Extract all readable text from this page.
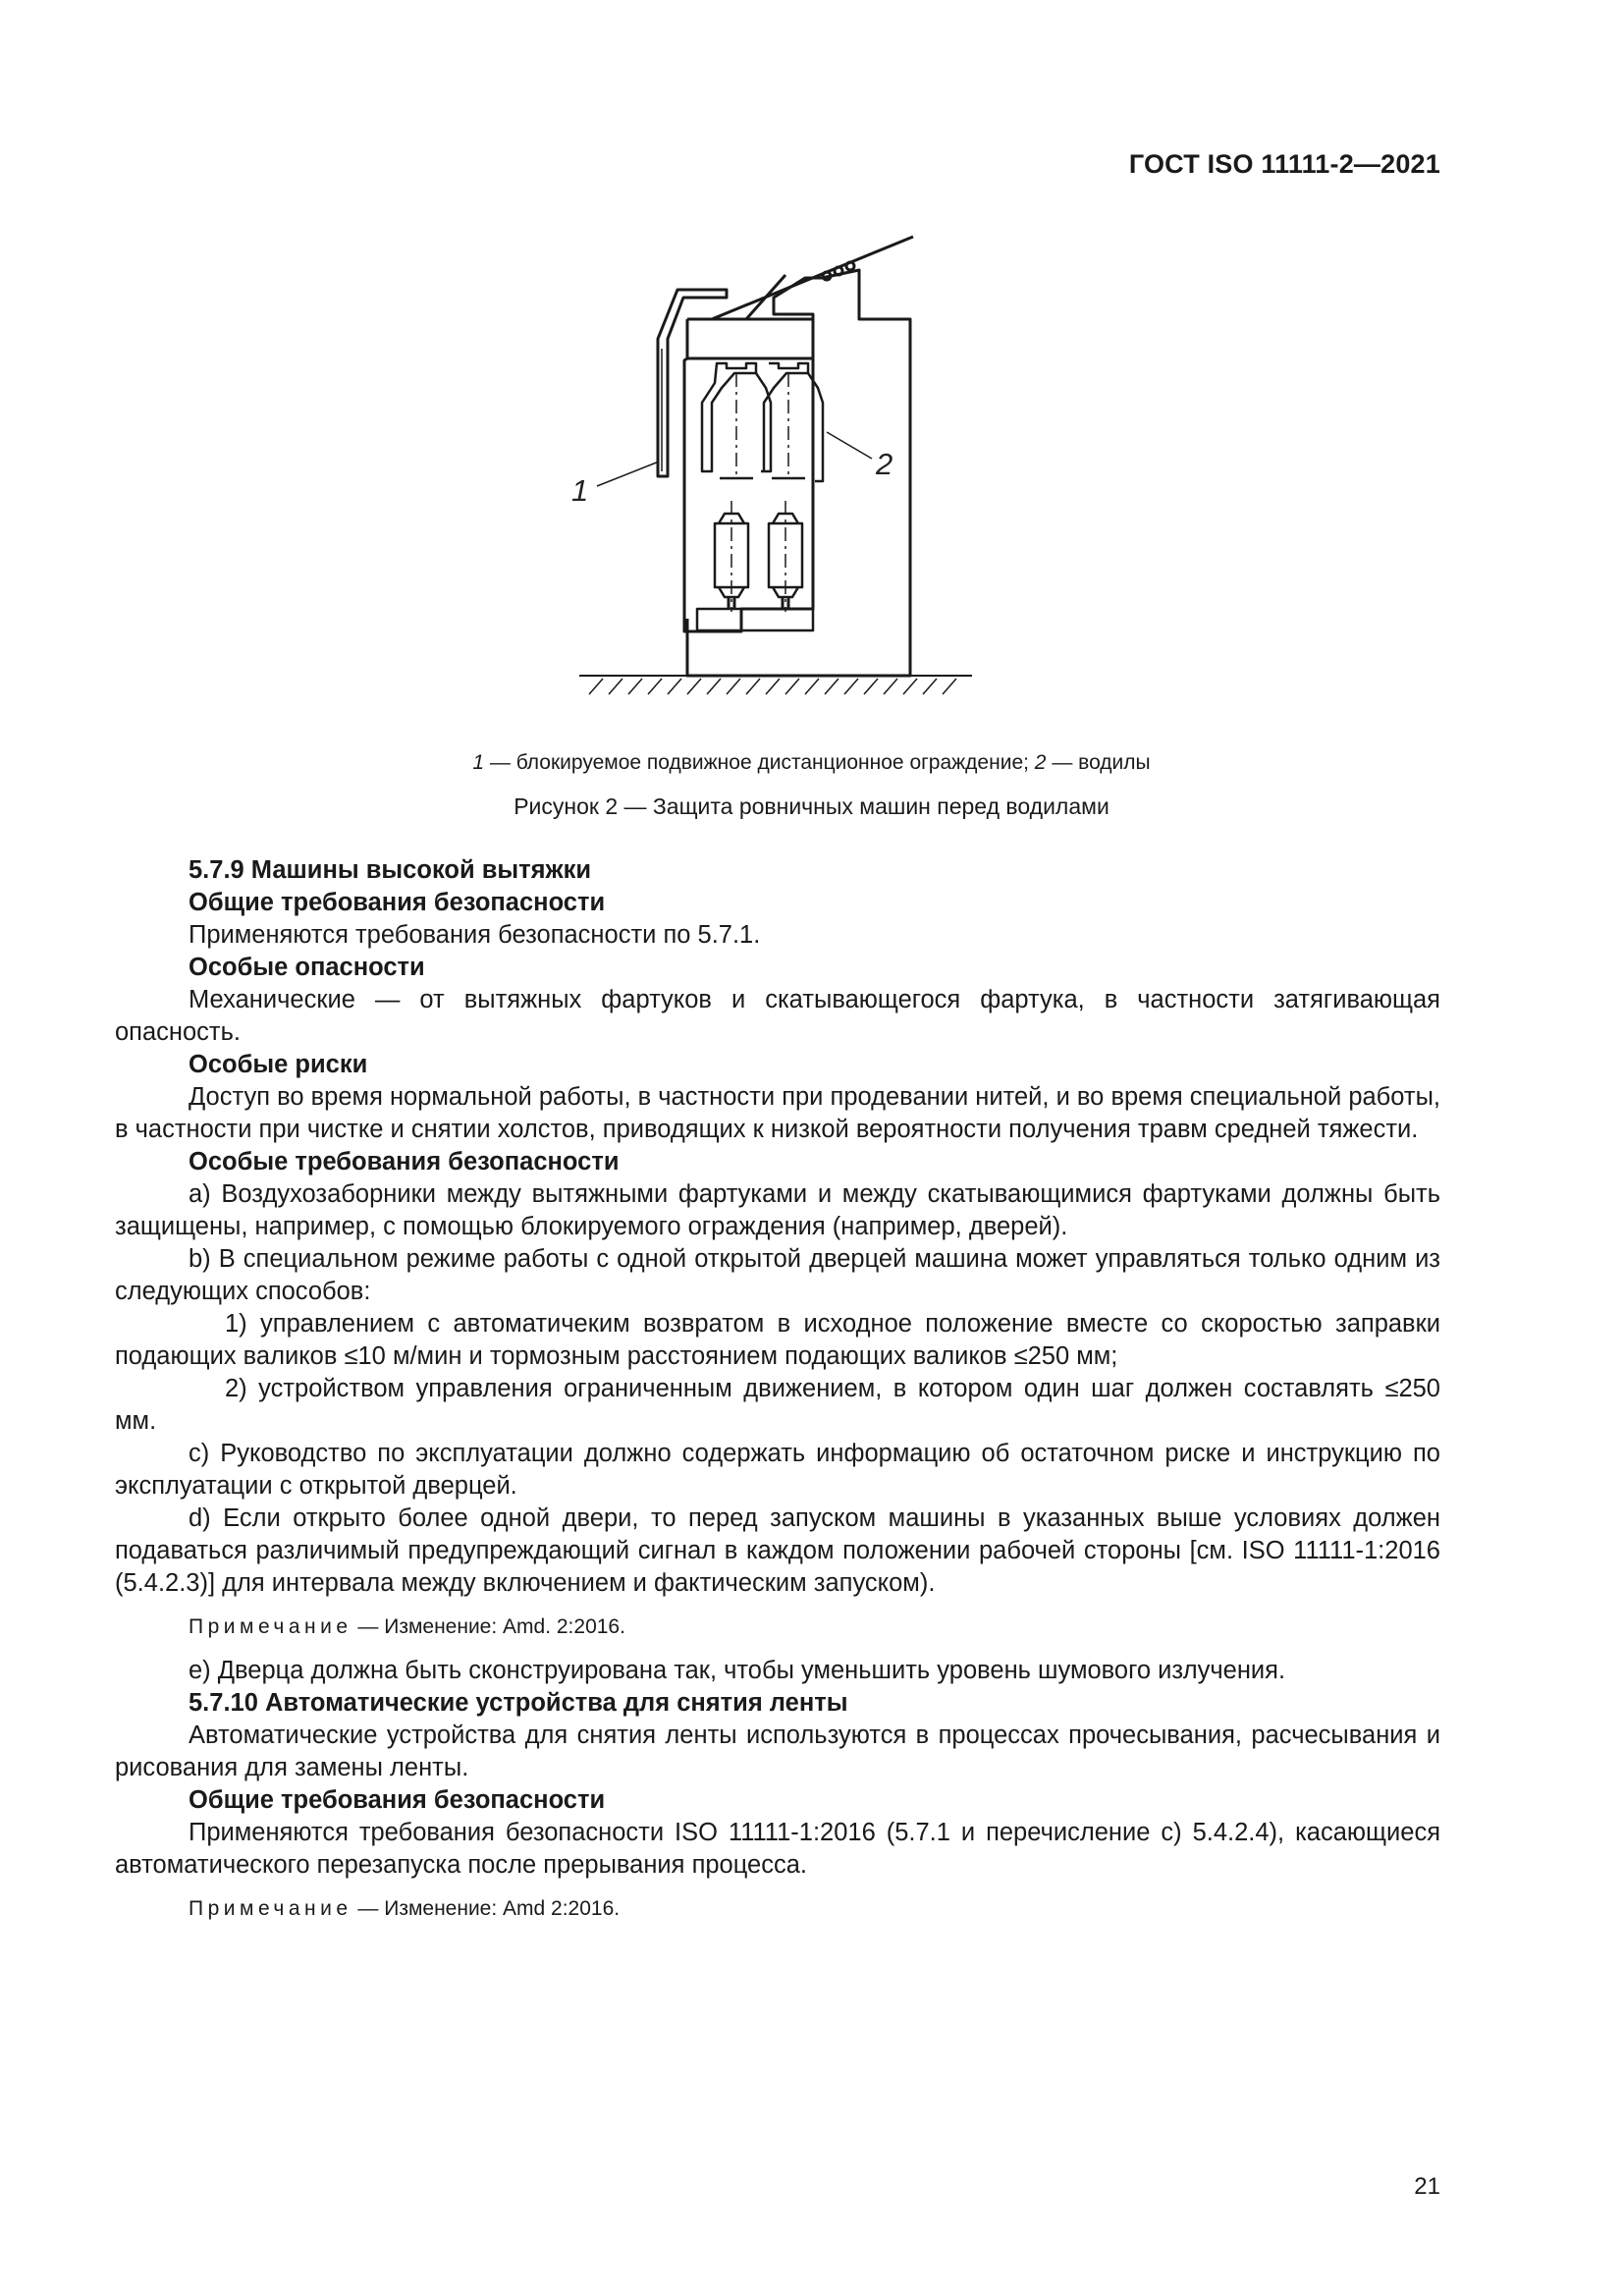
ГОСТ ISO 11111-2—2021
1
2
1 — блокируемое подвижное дистанционное ограждение; 2 — водилы
Рисунок 2 — Защита ровничных машин перед водилами

5.7.9 Машины высокой вытяжки

Общие требования безопасности

Применяются требования безопасности по 5.7.1.

Особые опасности

Механические — от вытяжных фартуков и скатывающегося фартука, в частности затягивающая опасность.

Особые риски

Доступ во время нормальной работы, в частности при продевании нитей, и во время специальной работы, в частности при чистке и снятии холстов, приводящих к низкой вероятности получения травм средней тяжести.

Особые требования безопасности

а) Воздухозаборники между вытяжными фартуками и между скатывающимися фартуками должны быть защищены, например, с помощью блокируемого ограждения (например, дверей).

b) В специальном режиме работы с одной открытой дверцей машина может управляться только одним из следующих способов:

1) управлением с автоматичеким возвратом в исходное положение вместе со скоростью заправки подающих валиков ≤10 м/мин и тормозным расстоянием подающих валиков ≤250 мм;

2) устройством управления ограниченным движением, в котором один шаг должен составлять ≤250 мм.

с) Руководство по эксплуатации должно содержать информацию об остаточном риске и инструкцию по эксплуатации с открытой дверцей.

d) Если открыто более одной двери, то перед запуском машины в указанных выше условиях должен подаваться различимый предупреждающий сигнал в каждом положении рабочей стороны [см. ISO 11111-1:2016 (5.4.2.3)] для интервала между включением и фактическим запуском).

Примечание — Изменение: Amd. 2:2016.

е) Дверца должна быть сконструирована так, чтобы уменьшить уровень шумового излучения.

5.7.10 Автоматические устройства для снятия ленты

Автоматические устройства для снятия ленты используются в процессах прочесывания, расчесывания и рисования для замены ленты.

Общие требования безопасности

Применяются требования безопасности ISO 11111-1:2016 (5.7.1 и перечисление с) 5.4.2.4), касающиеся автоматического перезапуска после прерывания процесса.

Примечание — Изменение: Amd 2:2016.

21
